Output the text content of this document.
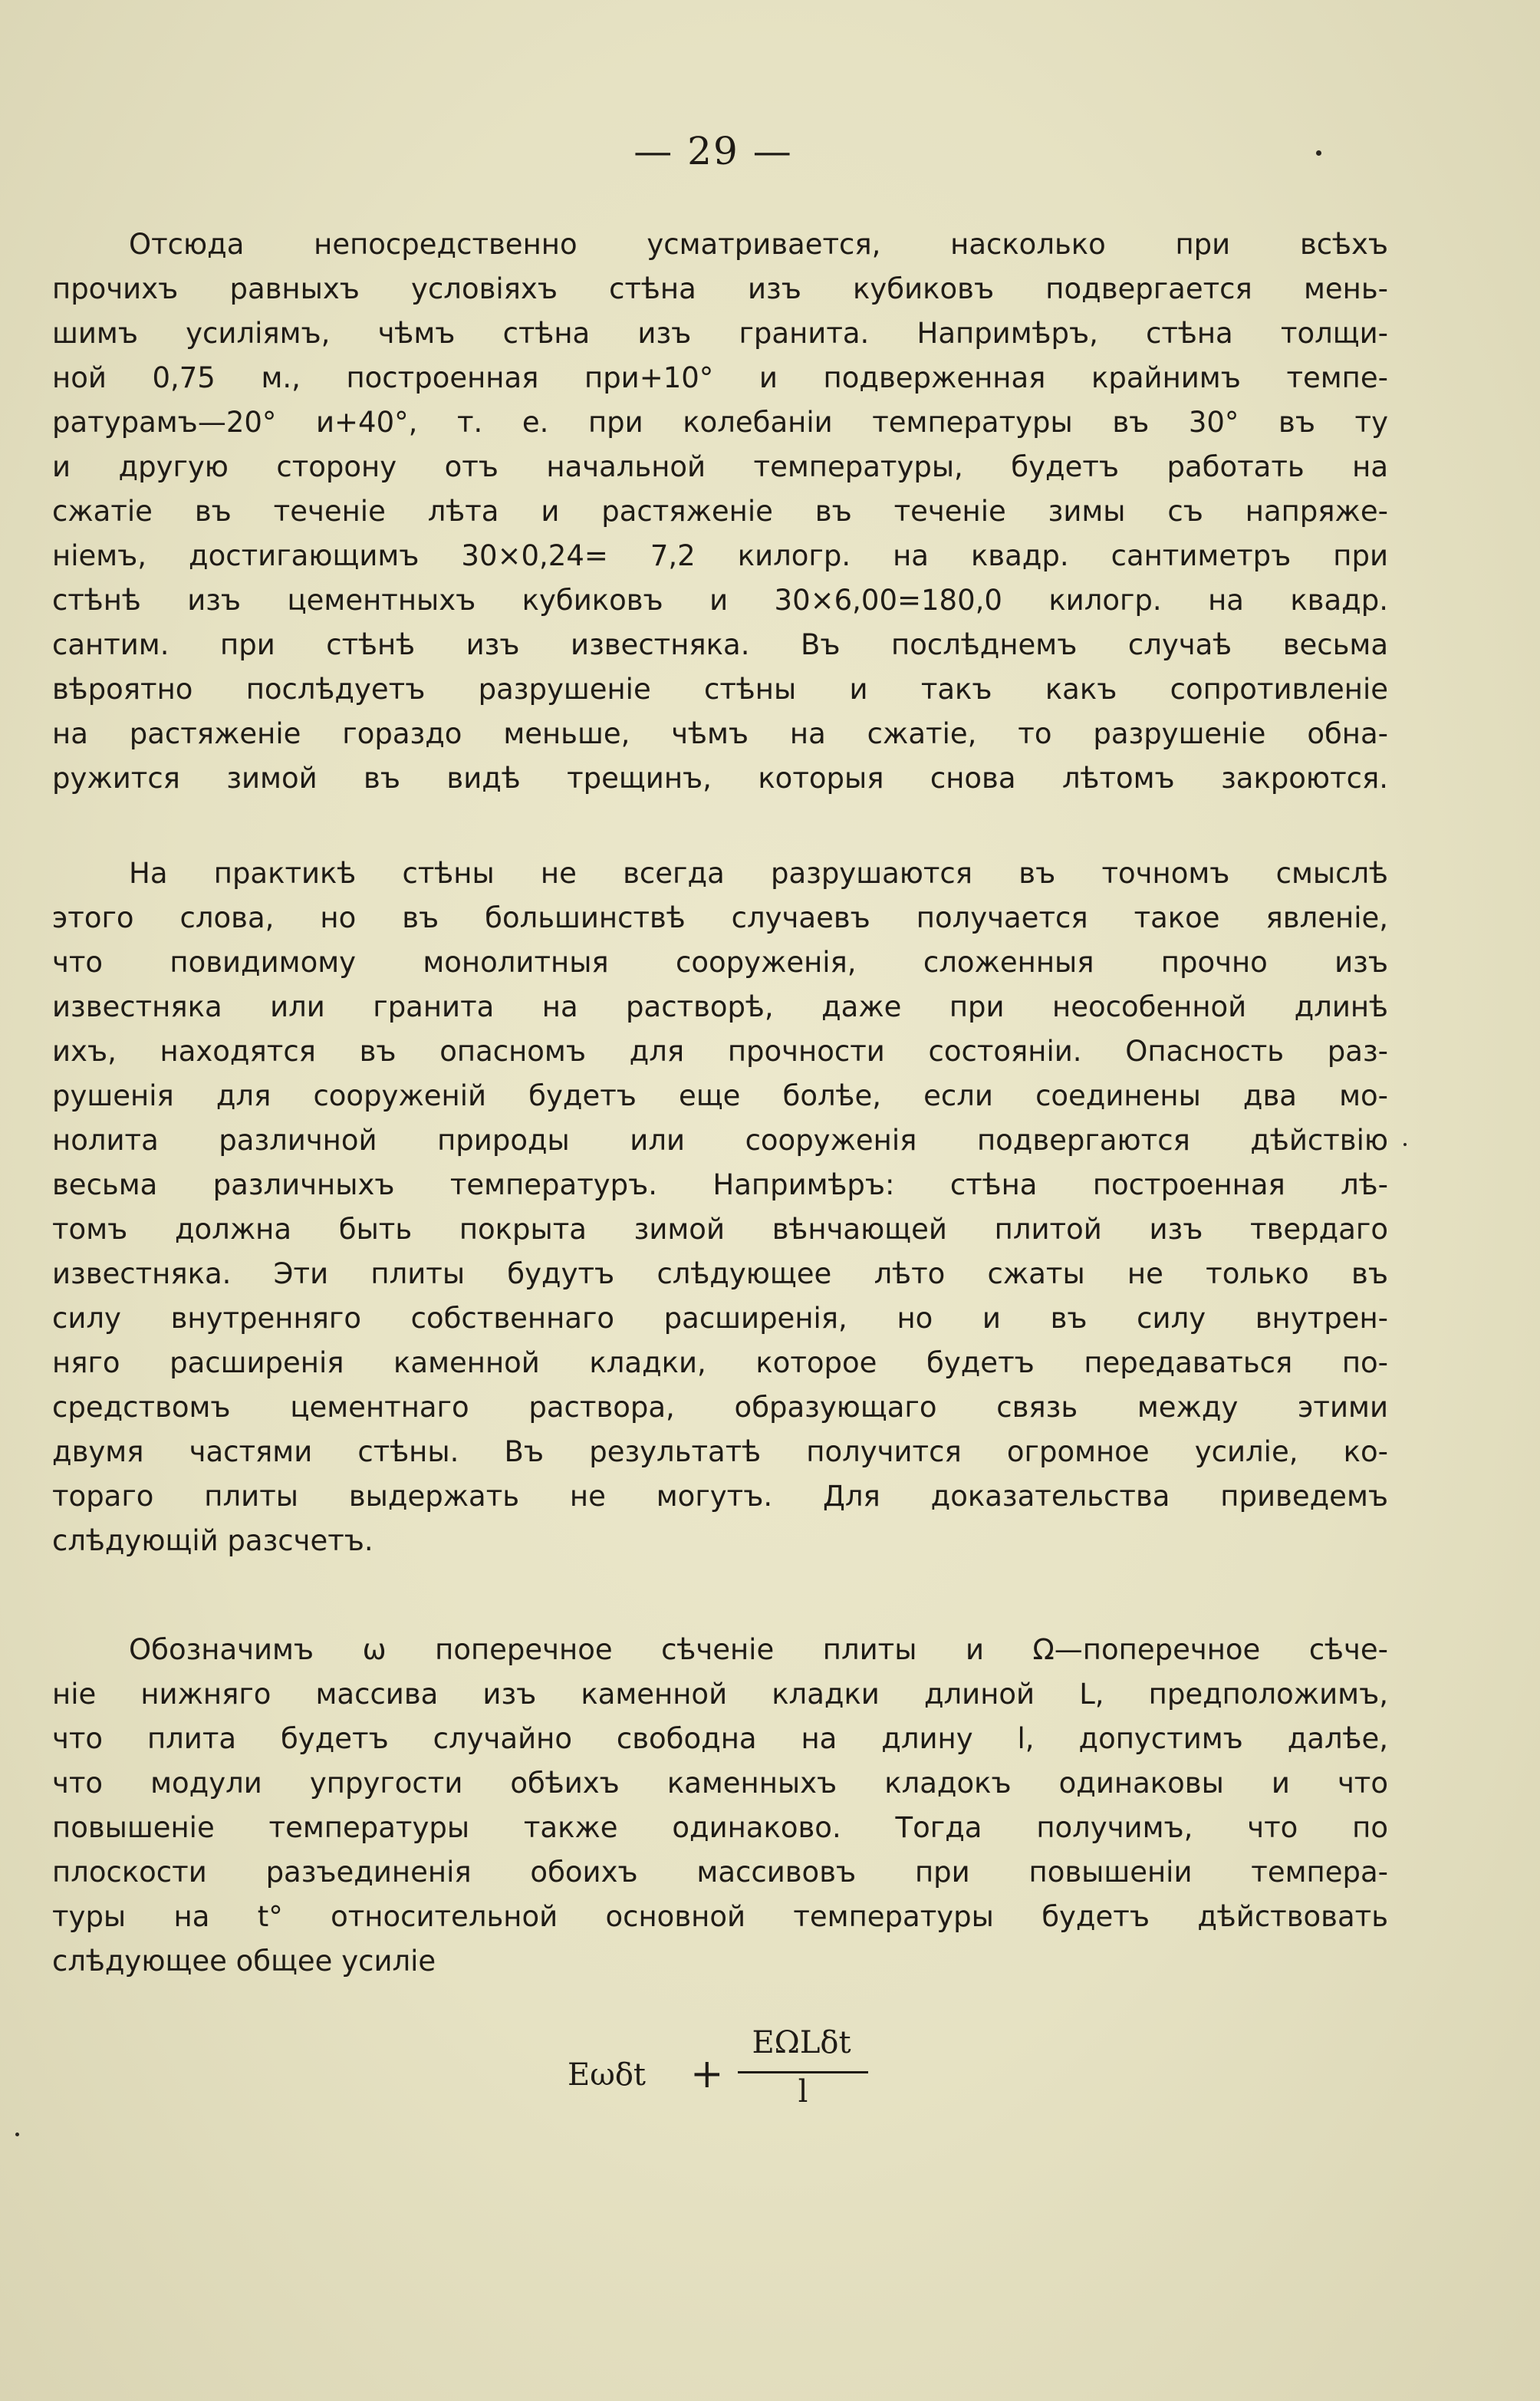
— 29 —
Отсюда непосредственно усматривается, насколько при всѣхъ
прочихъ равныхъ условіяхъ стѣна изъ кубиковъ подвергается мень-
шимъ усиліямъ, чѣмъ стѣна изъ гранита. Напримѣръ, стѣна толщи-
ной 0,75 м., построенная при+10° и подверженная крайнимъ темпе-
ратурамъ—20° и+40°, т. е. при колебаніи температуры въ 30° въ ту
и другую сторону отъ начальной температуры, будетъ работать на
сжатіе въ теченіе лѣта и растяженіе въ теченіе зимы съ напряже-
ніемъ, достигающимъ 30×0,24= 7,2 килогр. на квадр. сантиметръ при
стѣнѣ изъ цементныхъ кубиковъ и 30×6,00=180,0 килогр. на квадр.
сантим. при стѣнѣ изъ известняка. Въ послѣднемъ случаѣ весьма
вѣроятно послѣдуетъ разрушеніе стѣны и такъ какъ сопротивленіе
на растяженіе гораздо меньше, чѣмъ на сжатіе, то разрушеніе обна-
ружится зимой въ видѣ трещинъ, которыя снова лѣтомъ закроются.
На практикѣ стѣны не всегда разрушаются въ точномъ смыслѣ
этого слова, но въ большинствѣ случаевъ получается такое явленіе,
что повидимому монолитныя сооруженія, сложенныя прочно изъ
известняка или гранита на растворѣ, даже при неособенной длинѣ
ихъ, находятся въ опасномъ для прочности состояніи. Опасность раз-
рушенія для сооруженій будетъ еще болѣе, если соединены два мо-
нолита различной природы или сооруженія подвергаются дѣйствію
весьма различныхъ температуръ. Напримѣръ: стѣна построенная лѣ-
томъ должна быть покрыта зимой вѣнчающей плитой изъ твердаго
известняка. Эти плиты будутъ слѣдующее лѣто сжаты не только въ
силу внутренняго собственнаго расширенія, но и въ силу внутрен-
няго расширенія каменной кладки, которое будетъ передаваться по-
средствомъ цементнаго раствора, образующаго связь между этими
двумя частями стѣны. Въ результатѣ получится огромное усиліе, ко-
тораго плиты выдержать не могутъ. Для доказательства приведемъ
слѣдующій разсчетъ.
Обозначимъ ω поперечное сѣченіе плиты и Ω—поперечное сѣче-
ніе нижняго массива изъ каменной кладки длиной L, предположимъ,
что плита будетъ случайно свободна на длину l, допустимъ далѣе,
что модули упругости обѣихъ каменныхъ кладокъ одинаковы и что
повышеніе температуры также одинаково. Тогда получимъ, что по
плоскости разъединенія обоихъ массивовъ при повышеніи темпера-
туры на t° относительной основной температуры будетъ дѣйствовать
слѣдующее общее усиліе
Eωδt +
EΩLδt
l
